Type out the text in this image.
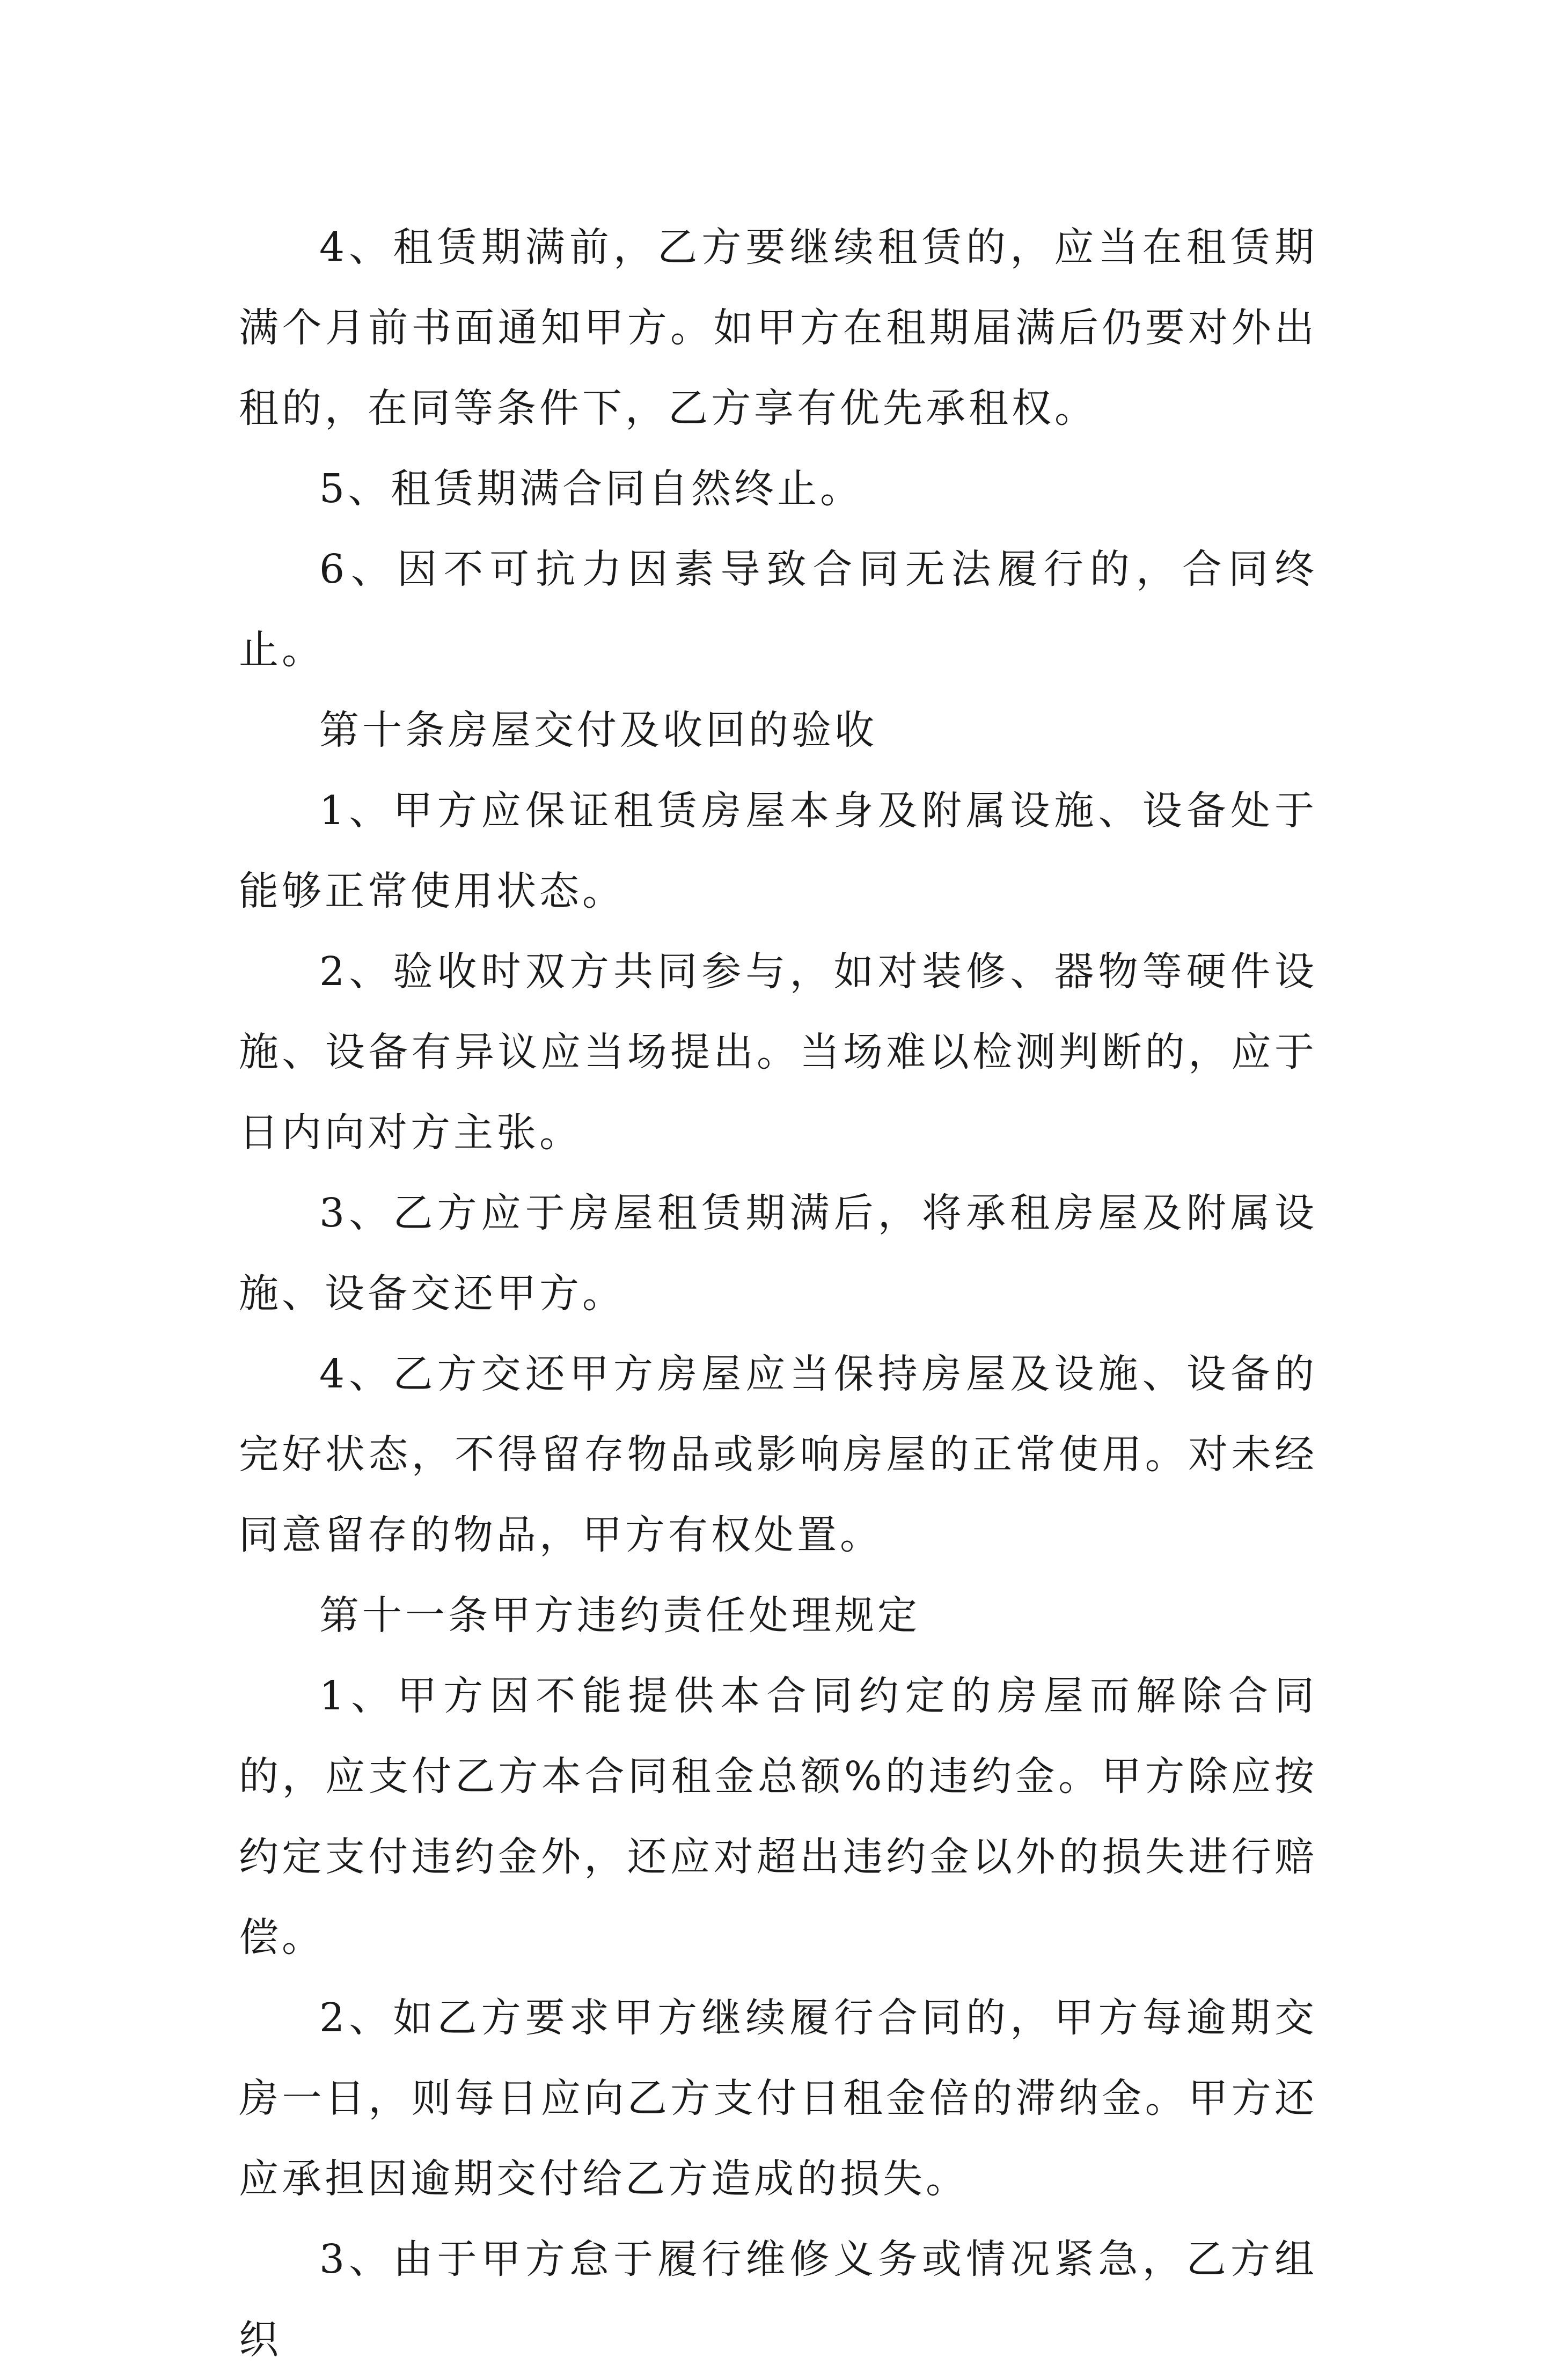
4、租赁期满前，乙方要继续租赁的，应当在租赁期满个月前书面通知甲方。如甲方在租期届满后仍要对外出租的，在同等条件下，乙方享有优先承租权。

5、租赁期满合同自然终止。

6、因不可抗力因素导致合同无法履行的，合同终止。

第十条房屋交付及收回的验收

1、甲方应保证租赁房屋本身及附属设施、设备处于能够正常使用状态。

2、验收时双方共同参与，如对装修、器物等硬件设施、设备有异议应当场提出。当场难以检测判断的，应于日内向对方主张。

3、乙方应于房屋租赁期满后，将承租房屋及附属设施、设备交还甲方。

4、乙方交还甲方房屋应当保持房屋及设施、设备的完好状态，不得留存物品或影响房屋的正常使用。对未经同意留存的物品，甲方有权处置。

第十一条甲方违约责任处理规定

1、甲方因不能提供本合同约定的房屋而解除合同的，应支付乙方本合同租金总额%的违约金。甲方除应按约定支付违约金外，还应对超出违约金以外的损失进行赔偿。

2、如乙方要求甲方继续履行合同的，甲方每逾期交房一日，则每日应向乙方支付日租金倍的滞纳金。甲方还应承担因逾期交付给乙方造成的损失。

3、由于甲方怠于履行维修义务或情况紧急，乙方组织
